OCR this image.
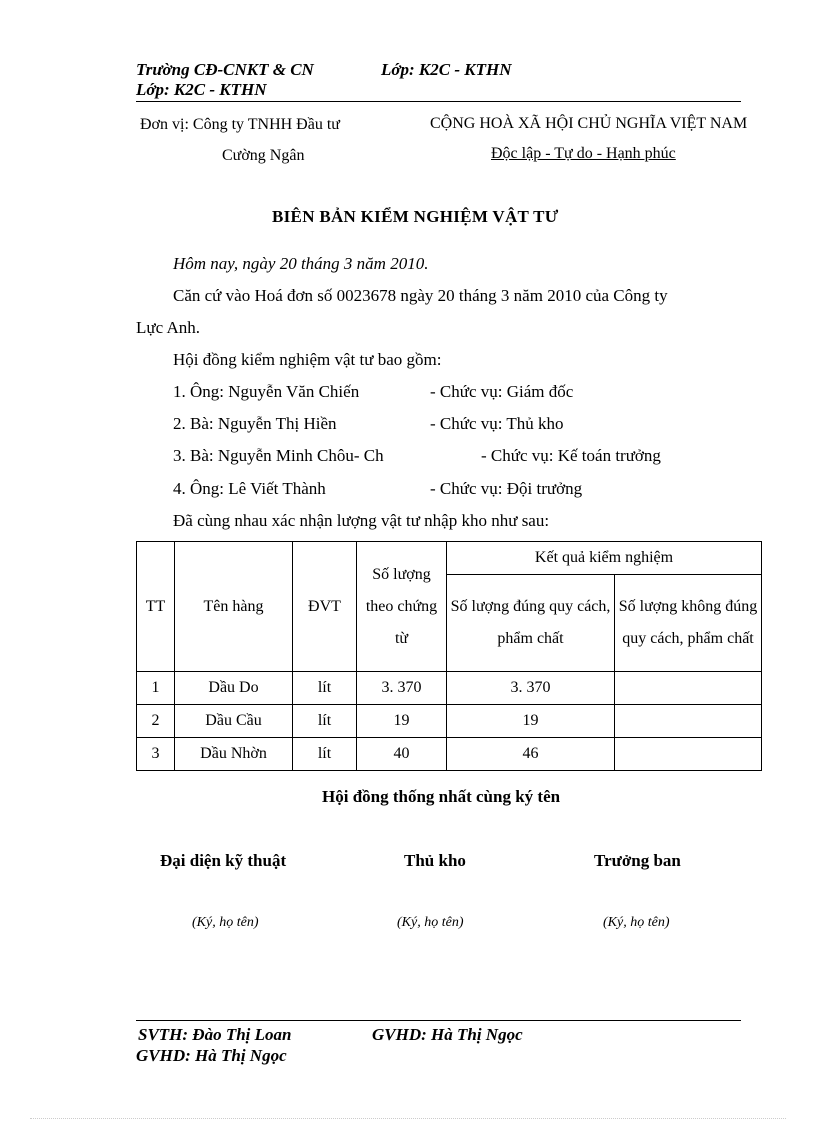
Trường CĐ-CNKT & CN	Lớp: K2C - KTHN
Lớp: K2C - KTHN
Đơn vị: Công ty TNHH Đầu tư
Cường Ngân
CỘNG HOÀ XÃ HỘI CHỦ NGHĨA VIỆT NAM
Độc lập - Tự do - Hạnh phúc
BIÊN BẢN KIỂM NGHIỆM VẬT TƯ
Hôm nay, ngày 20 tháng 3 năm 2010.
Căn cứ vào Hoá đơn số 0023678 ngày 20 tháng 3 năm 2010 của Công ty
Lực Anh.
Hội đồng kiểm nghiệm vật tư bao gồm:
1. Ông: Nguyễn Văn Chiến	- Chức vụ: Giám đốc
2. Bà: Nguyễn Thị Hiền	- Chức vụ: Thủ kho
3. Bà: Nguyễn Minh Chôu- Ch	- Chức vụ: Kế toán trưởng
4. Ông: Lê Viết Thành	- Chức vụ: Đội trưởng
Đã cùng nhau xác nhận lượng vật tư nhập kho như sau:
TT	Tên hàng	ĐVT	Số lượng theo chứng từ	Kết quả kiểm nghiệm	
				Số lượng đúng quy cách, phẩm chất	Số lượng không đúng quy cách, phẩm chất
1	Dầu Do	lít	3. 370	3. 370	
2	Dầu Cầu	lít	19	19	
3	Dầu Nhờn	lít	40	46	
Hội đồng thống nhất cùng ký tên
Đại diện kỹ thuật	Thủ kho	Trưởng ban
(Ký, họ tên)	(Ký, họ tên)	(Ký, họ tên)
SVTH: Đào Thị Loan	GVHD: Hà Thị Ngọc
GVHD: Hà Thị Ngọc
